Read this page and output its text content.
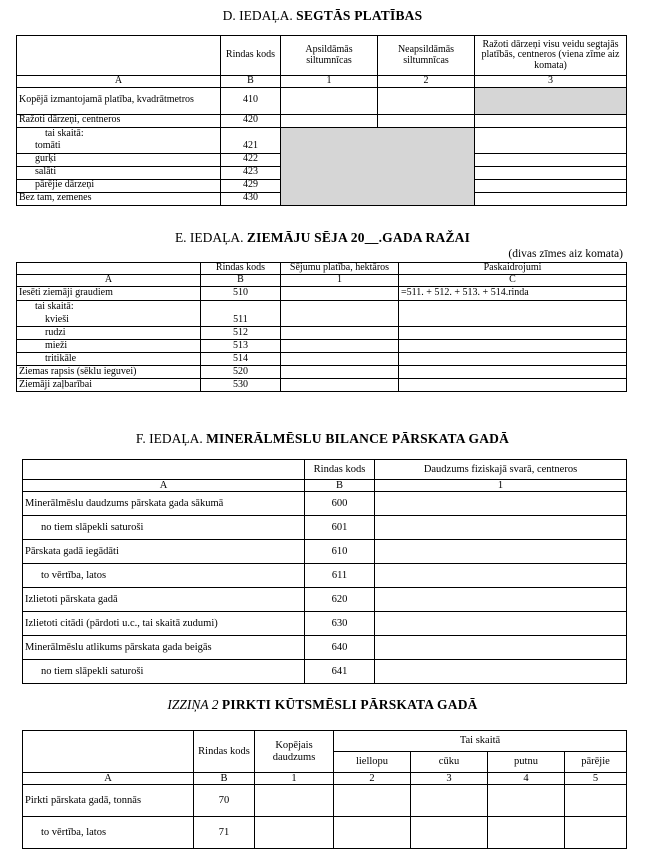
D. IEDAĻA. SEGTĀS PLATĪBAS
	Rindas kods	Apsildāmās siltumnīcas	Neapsildāmās siltumnīcas	Ražoti dārzeņi visu veidu segtajās platībās, centneros (viena zīme aiz komata)
A	B	1	2	3
Kopējā izmantojamā platība, kvadrātmetros	410			
Ražoti dārzeņi, centneros	420			
tai skaitā:				
tomāti	421			
gurķi	422			
salāti	423			
pārējie dārzeņi	429			
Bez tam, zemenes	430			
E. IEDAĻA. ZIEMĀJU SĒJA 20__.GADA RAŽAI
(divas zīmes aiz komata)
	Rindas kods	Sējumu platība, hektāros	Paskaidrojumi
A	B	1	C
Iesēti ziemāji graudiem	510		=511. + 512. + 513. + 514.rinda
tai skaitā:			
kvieši	511		
rudzi	512		
mieži	513		
tritikāle	514		
Ziemas rapsis (sēklu ieguvei)	520		
Ziemāji zaļbarībai	530		
F. IEDAĻA. MINERĀLMĒSLU BILANCE PĀRSKATA GADĀ
	Rindas kods	Daudzums fiziskajā svarā, centneros
A	B	1
Minerālmēslu daudzums pārskata gada sākumā	600	
no tiem slāpekli saturoši	601	
Pārskata gadā iegādāti	610	
to vērtība, latos	611	
Izlietoti pārskata gadā	620	
Izlietoti citādi (pārdoti u.c., tai skaitā zudumi)	630	
Minerālmēslu atlikums pārskata gada beigās	640	
no tiem slāpekli saturoši	641	
IZZIŅA 2 PIRKTI KŪTSMĒSLI PĀRSKATA GADĀ
	Rindas kods	Kopējais daudzums	Tai skaitā			
			liellopu	cūku	putnu	pārējie
A	B	1	2	3	4	5
Pirkti pārskata gadā, tonnās	70					
to vērtība, latos	71					
